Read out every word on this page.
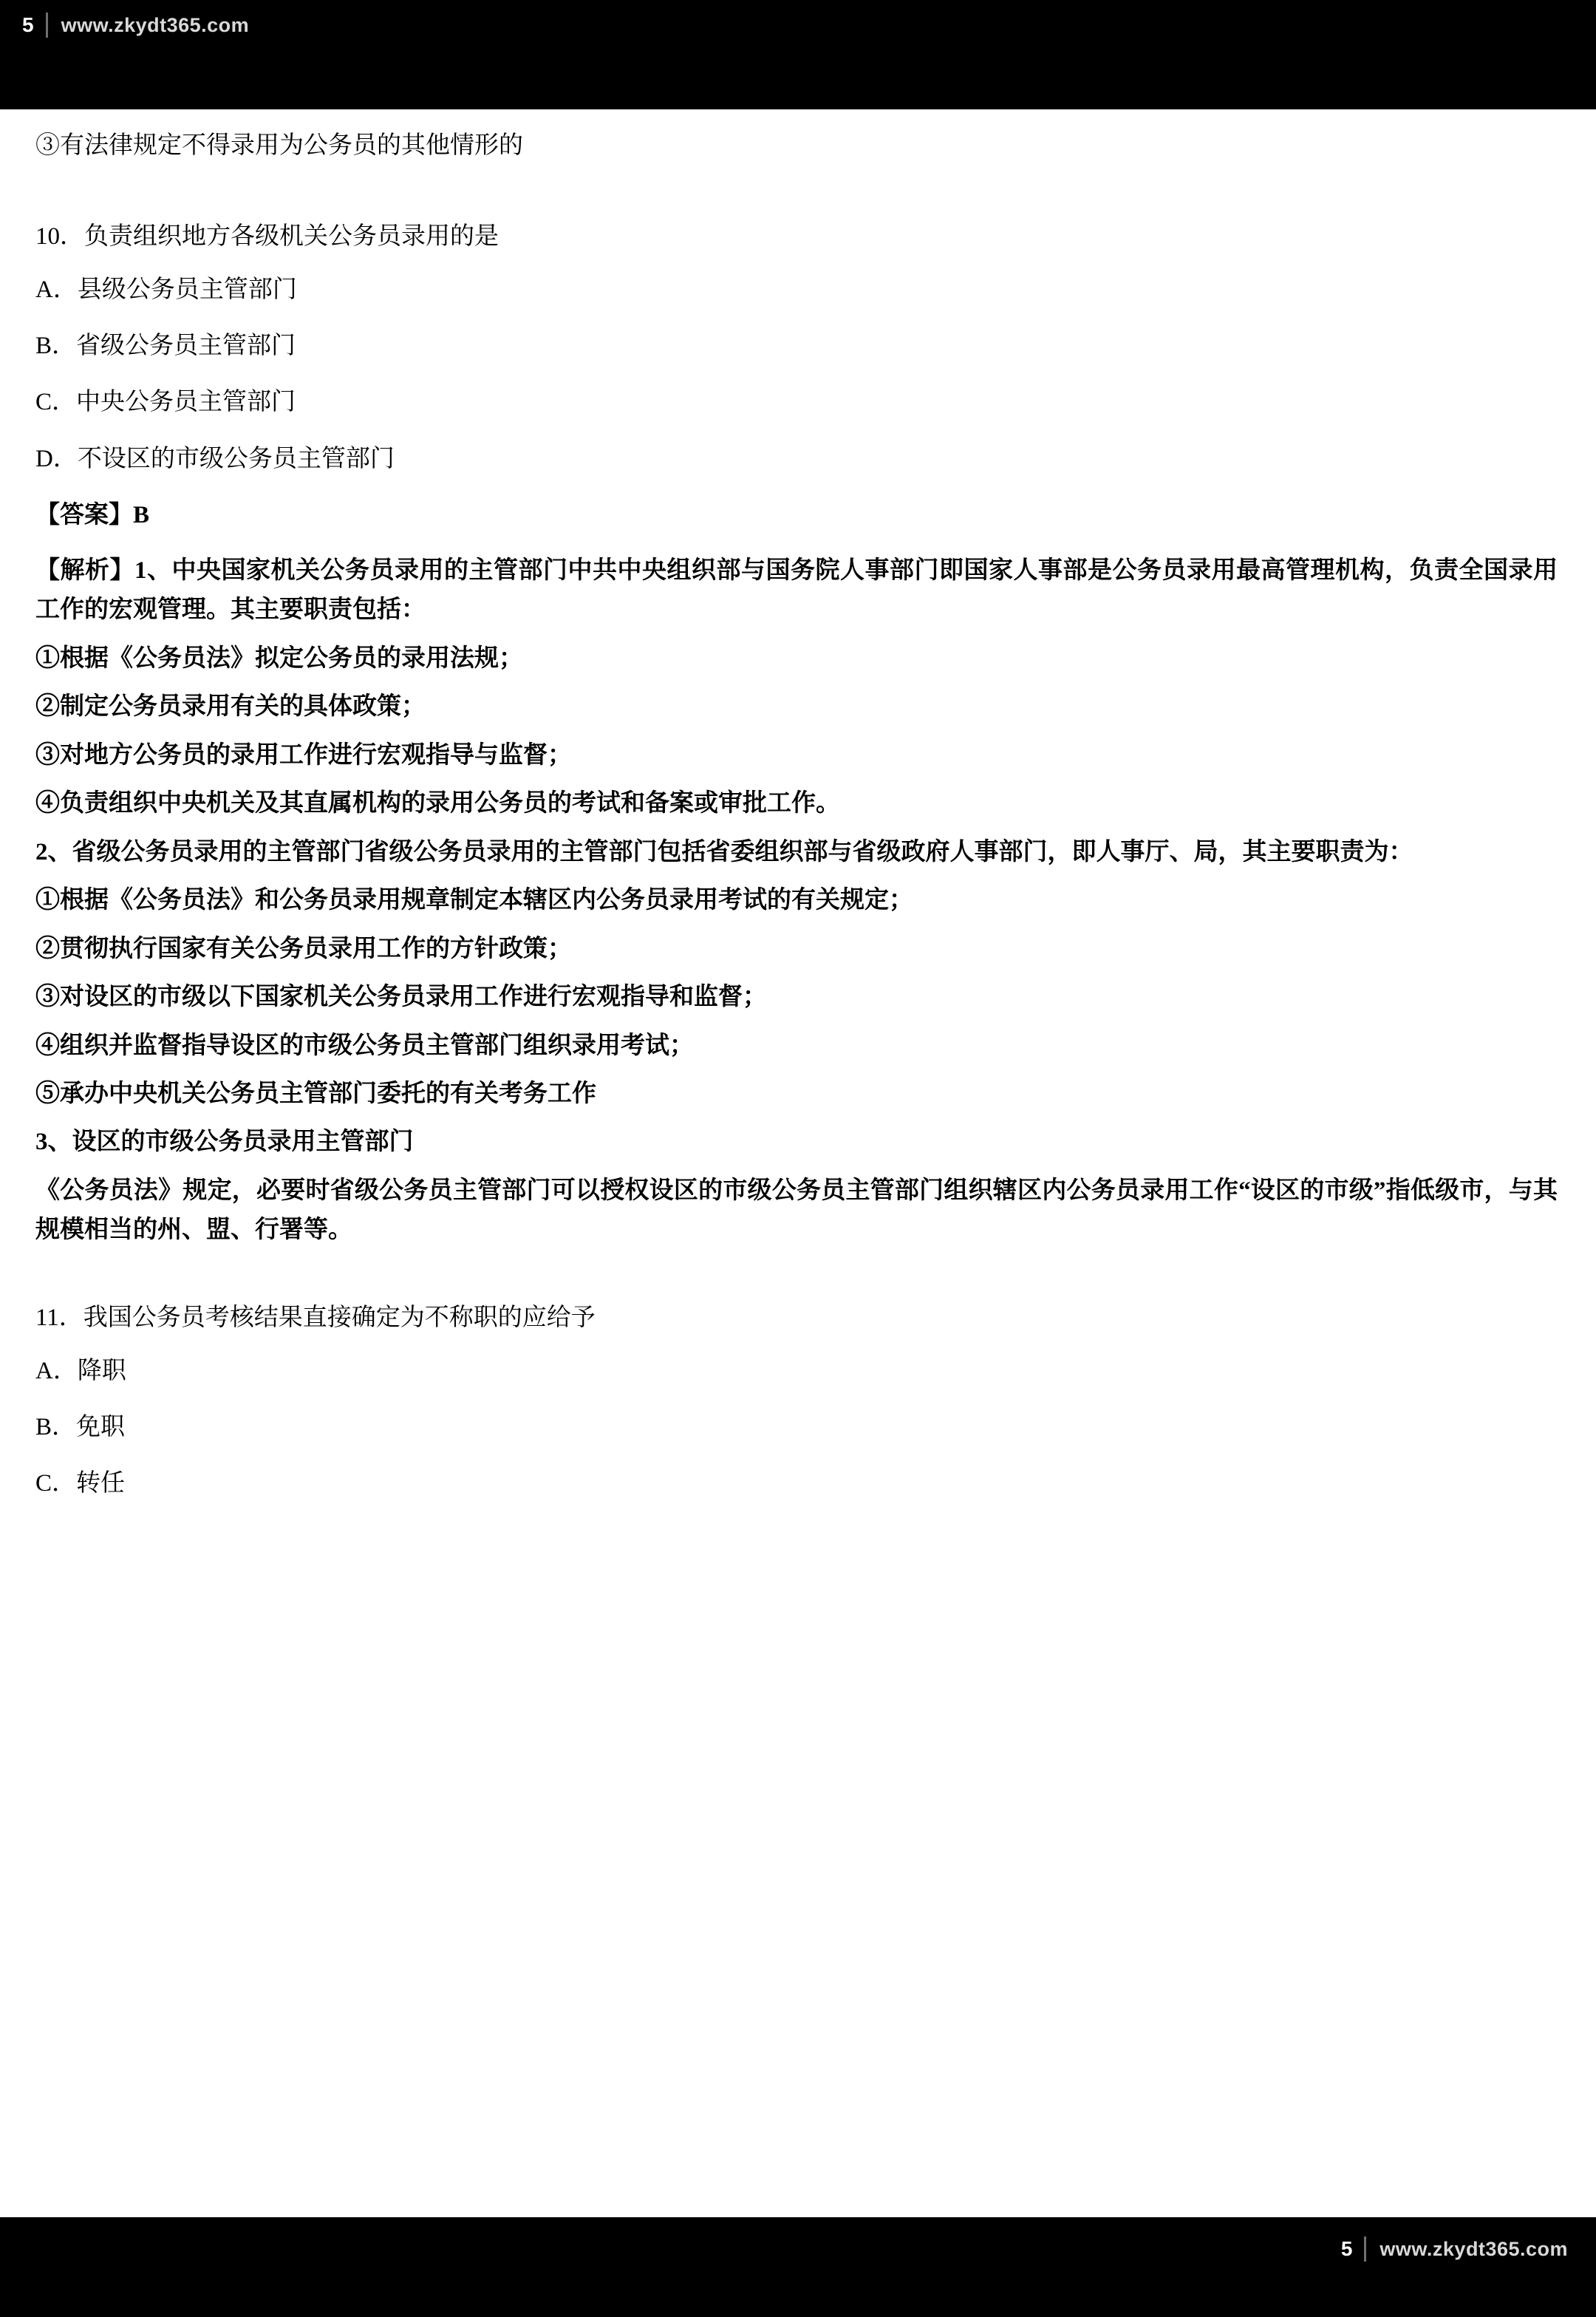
5	www.zkydt365.com

③有法律规定不得录用为公务员的其他情形的

10．负责组织地方各级机关公务员录用的是

A．县级公务员主管部门

B．省级公务员主管部门

C．中央公务员主管部门

D．不设区的市级公务员主管部门

【答案】B

【解析】1、中央国家机关公务员录用的主管部门中共中央组织部与国务院人事部门即国家人事部是公务员录用最高管理机构，负责全国录用工作的宏观管理。其主要职责包括：

①根据《公务员法》拟定公务员的录用法规；

②制定公务员录用有关的具体政策；

③对地方公务员的录用工作进行宏观指导与监督；

④负责组织中央机关及其直属机构的录用公务员的考试和备案或审批工作。

2、省级公务员录用的主管部门省级公务员录用的主管部门包括省委组织部与省级政府人事部门，即人事厅、局，其主要职责为：

①根据《公务员法》和公务员录用规章制定本辖区内公务员录用考试的有关规定；

②贯彻执行国家有关公务员录用工作的方针政策；

③对设区的市级以下国家机关公务员录用工作进行宏观指导和监督；

④组织并监督指导设区的市级公务员主管部门组织录用考试；

⑤承办中央机关公务员主管部门委托的有关考务工作

3、设区的市级公务员录用主管部门

《公务员法》规定，必要时省级公务员主管部门可以授权设区的市级公务员主管部门组织辖区内公务员录用工作“设区的市级”指低级市，与其规模相当的州、盟、行署等。

11．我国公务员考核结果直接确定为不称职的应给予

A．降职

B．免职

C．转任

5	www.zkydt365.com
